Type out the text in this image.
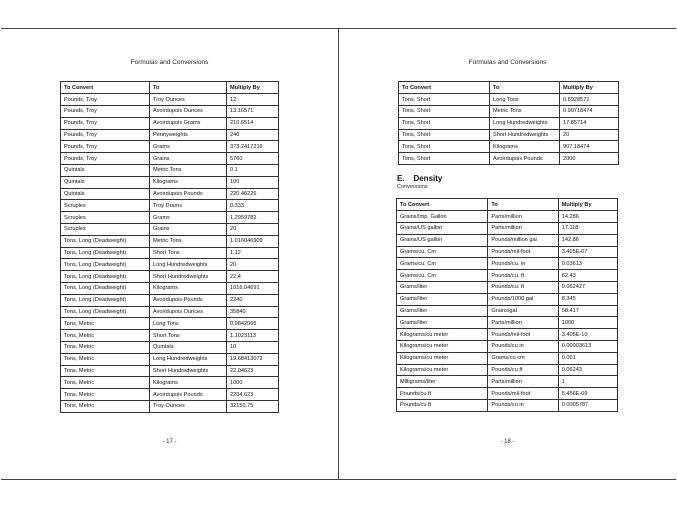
Formulas and Conversions
To Convert	To	Multiply By
Pounds, Troy	Troy Ounces	12
Pounds, Troy	Avoirdupois Ounces	13.16571
Pounds, Troy	Avoirdupois Grams	210.6514
Pounds, Troy	Pennyweights	240
Pounds, Troy	Grams	373.2417216
Pounds, Troy	Grains	5760
Quintals	Metric Tons	0.1
Quintals	Kilograms	100
Quintals	Avoirdupois Pounds	220.46226
Scruples	Troy Drams	0.333
Scruples	Grams	1.2959782
Scruples	Grains	20
Tons, Long (Deadweight)	Metric Tons	1.016046909
Tons, Long (Deadweight)	Short Tons	1.12
Tons, Long (Deadweight)	Long Hundredweights	20
Tons, Long (Deadweight)	Short Hundredweights	22.4
Tons, Long (Deadweight)	Kilograms	1016.04691
Tons, Long (Deadweight)	Avoirdupois Pounds	2240
Tons, Long (Deadweight)	Avoirdupois Ounces	35840
Tons, Metric	Long Tons	0.9842065
Tons, Metric	Short Tons	1.1023113
Tons, Metric	Quintals	10
Tons, Metric	Long Hundredweights	19.68413072
Tons, Metric	Short Hundredweights	22.04623
Tons, Metric	Kilograms	1000
Tons, Metric	Avoirdupois Pounds	2204.623
Tons, Metric	Troy Ounces	32150.75
- 17 -
Formulas and Conversions
To Convert	To	Multiply By
Tons, Short	Long Tons	0.8928571
Tons, Short	Metric Tons	0.90718474
Tons, Short	Long Hundredweights	17.85714
Tons, Short	Short Hundredweights	20
Tons, Short	Kilograms	907.18474
Tons, Short	Avoirdupois Pounds	2000
E.    Density
Conversions
To Convert	To	Multiply By
Grains/Imp. Gallon	Parts/million	14.286
Grains/US gallon	Parts/million	17.118
Grains/US gallon	Pounds/million gal	142.86
Grams/cu. Cm	Pounds/mil-foot	3.405E-07
Grams/cu. Cm	Pounds/cu. in	0.03613
Grams/cu. Cm	Pounds/cu. ft	62.43
Grams/liter	Pounds/cu. ft	0.062427
Grams/liter	Pounds/1000 gal	8.345
Grams/liter	Grains/gal	58.417
Grams/liter	Parts/million	1000
Kilograms/cu meter	Pounds/mil-foot	3.405E-10
Kilograms/cu meter	Pounds/cu in	0.00003613
Kilograms/cu meter	Grams/cu cm	0.001
Kilograms/cu meter	Pounds/cu ft	0.06243
Milligrams/liter	Parts/million	1
Pounds/cu ft	Pounds/mil-foot	5.456E-09
Pounds/cu ft	Pounds/cu in	0.0005787
- 18 -
